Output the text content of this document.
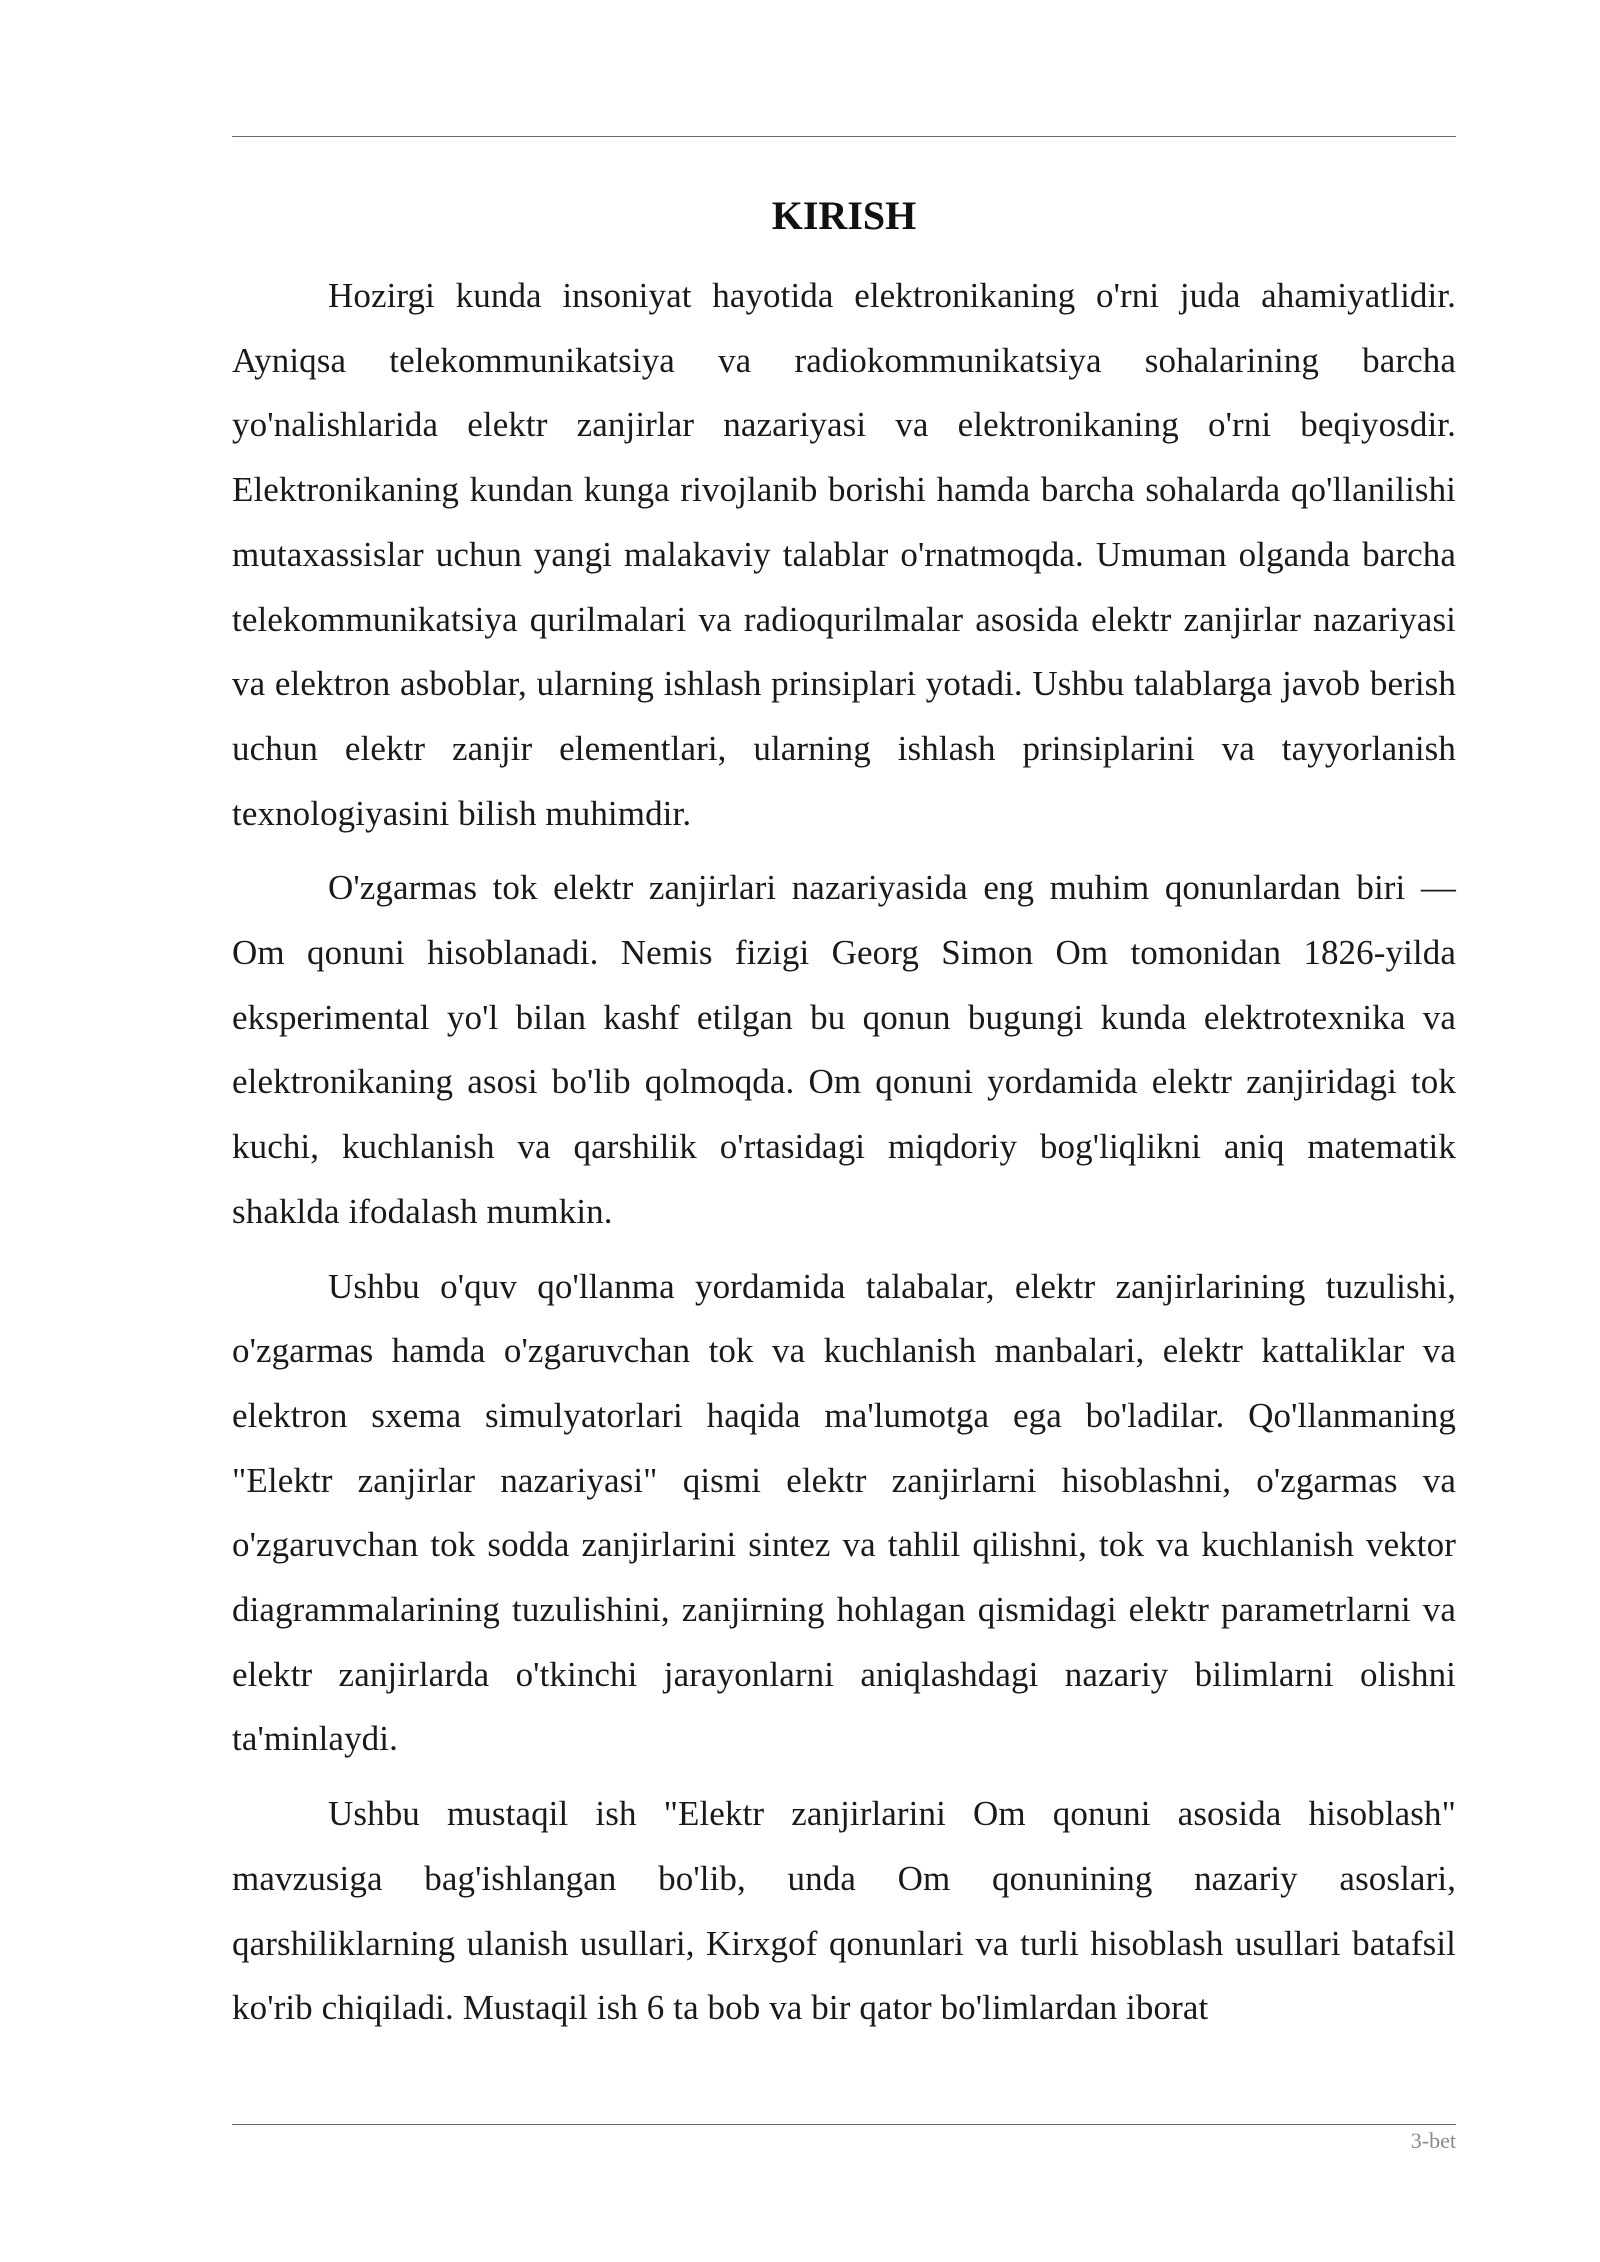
KIRISH

Hozirgi kunda insoniyat hayotida elektronikaning o'rni juda ahamiyatlidir. Ayniqsa telekommunikatsiya va radiokommunikatsiya sohalarining barcha yo'nalishlarida elektr zanjirlar nazariyasi va elektronikaning o'rni beqiyosdir. Elektronikaning kundan kunga rivojlanib borishi hamda barcha sohalarda qo'llanilishi mutaxassislar uchun yangi malakaviy talablar o'rnatmoqda. Umuman olganda barcha telekommunikatsiya qurilmalari va radioqurilmalar asosida elektr zanjirlar nazariyasi va elektron asboblar, ularning ishlash prinsiplari yotadi. Ushbu talablarga javob berish uchun elektr zanjir elementlari, ularning ishlash prinsiplarini va tayyorlanish texnologiyasini bilish muhimdir.

O'zgarmas tok elektr zanjirlari nazariyasida eng muhim qonunlardan biri — Om qonuni hisoblanadi. Nemis fizigi Georg Simon Om tomonidan 1826-yilda eksperimental yo'l bilan kashf etilgan bu qonun bugungi kunda elektrotexnika va elektronikaning asosi bo'lib qolmoqda. Om qonuni yordamida elektr zanjiridagi tok kuchi, kuchlanish va qarshilik o'rtasidagi miqdoriy bog'liqlikni aniq matematik shaklda ifodalash mumkin.

Ushbu o'quv qo'llanma yordamida talabalar, elektr zanjirlarining tuzulishi, o'zgarmas hamda o'zgaruvchan tok va kuchlanish manbalari, elektr kattaliklar va elektron sxema simulyatorlari haqida ma'lumotga ega bo'ladilar. Qo'llanmaning "Elektr zanjirlar nazariyasi" qismi elektr zanjirlarni hisoblashni, o'zgarmas va o'zgaruvchan tok sodda zanjirlarini sintez va tahlil qilishni, tok va kuchlanish vektor diagrammalarining tuzulishini, zanjirning hohlagan qismidagi elektr parametrlarni va elektr zanjirlarda o'tkinchi jarayonlarni aniqlashdagi nazariy bilimlarni olishni ta'minlaydi.

Ushbu mustaqil ish "Elektr zanjirlarini Om qonuni asosida hisoblash" mavzusiga bag'ishlangan bo'lib, unda Om qonunining nazariy asoslari, qarshiliklarning ulanish usullari, Kirxgof qonunlari va turli hisoblash usullari batafsil ko'rib chiqiladi. Mustaqil ish 6 ta bob va bir qator bo'limlardan iborat

3-bet
